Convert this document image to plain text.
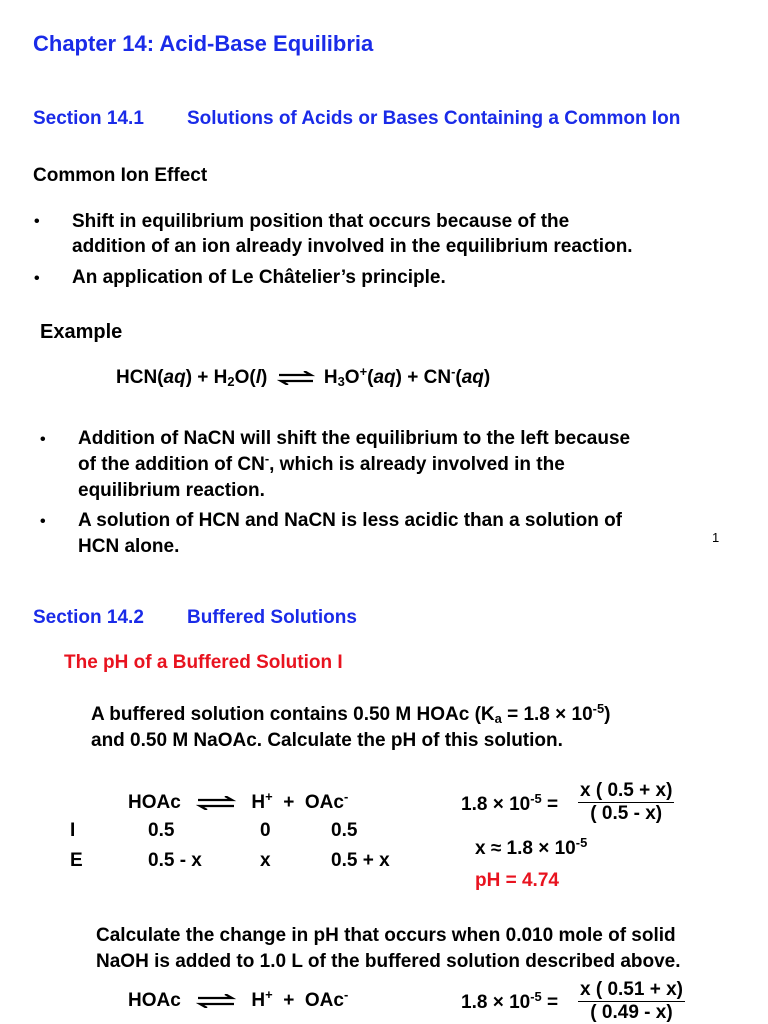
Chapter 14: Acid-Base Equilibria
Section 14.1 Solutions of Acids or Bases Containing a Common Ion
Common Ion Effect
• Shift in equilibrium position that occurs because of the
addition of an ion already involved in the equilibrium reaction.
• An application of Le Châtelier’s principle.
Example
$HCN(aq) + H_2O(l)$ ⇌ $H_3O^+(aq) + CN^-(aq)$
• Addition of NaCN will shift the equilibrium to the left because
of the addition of CN-, which is already involved in the
equilibrium reaction.
• A solution of HCN and NaCN is less acidic than a solution of
HCN alone.	1
Section 14.2 Buffered Solutions
The pH of a Buffered Solution I
A buffered solution contains 0.50 M HOAc $(K_a = 1.8 \times 10^{-5})$
and 0.50 M NaOAc. Calculate the pH of this solution.
HOAc ⇌ H+ + OAc-
I	0.5	0	0.5
E	0.5 - x	x	0.5 + x
$1.8 \times 10^{-5} = \frac{x ( 0.5 + x)}{( 0.5 - x)}$
$x \approx 1.8 \times 10^{-5}$
pH = 4.74
Calculate the change in pH that occurs when 0.010 mole of solid
NaOH is added to 1.0 L of the buffered solution described above.
HOAc ⇌ H+ + OAc-	$1.8 \times 10^{-5} = \frac{x ( 0.51 + x)}{( 0.49 - x)}$
